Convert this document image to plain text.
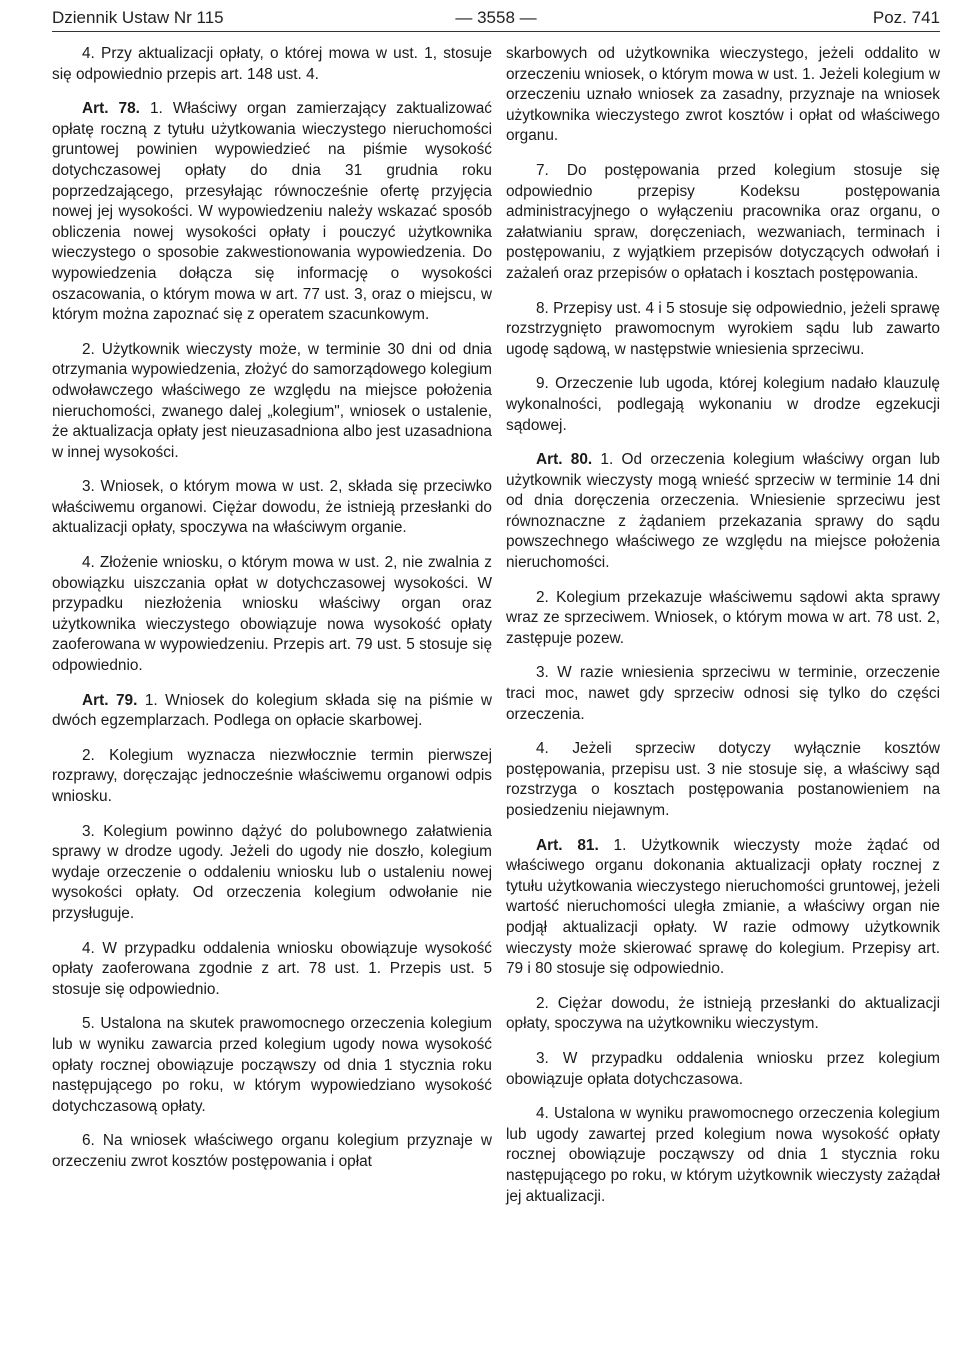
Dziennik Ustaw Nr 115	— 3558 —	Poz. 741

4. Przy aktualizacji opłaty, o której mowa w ust. 1, stosuje się odpowiednio przepis art. 148 ust. 4.

Art. 78. 1. Właściwy organ zamierzający zaktualizować opłatę roczną z tytułu użytkowania wieczystego nieruchomości gruntowej powinien wypowiedzieć na piśmie wysokość dotychczasowej opłaty do dnia 31 grudnia roku poprzedzającego, przesyłając równocześnie ofertę przyjęcia nowej jej wysokości. W wypowiedzeniu należy wskazać sposób obliczenia nowej wysokości opłaty i pouczyć użytkownika wieczystego o sposobie zakwestionowania wypowiedzenia. Do wypowiedzenia dołącza się informację o wysokości oszacowania, o którym mowa w art. 77 ust. 3, oraz o miejscu, w którym można zapoznać się z operatem szacunkowym.

2. Użytkownik wieczysty może, w terminie 30 dni od dnia otrzymania wypowiedzenia, złożyć do samorządowego kolegium odwoławczego właściwego ze względu na miejsce położenia nieruchomości, zwanego dalej „kolegium", wniosek o ustalenie, że aktualizacja opłaty jest nieuzasadniona albo jest uzasadniona w innej wysokości.

3. Wniosek, o którym mowa w ust. 2, składa się przeciwko właściwemu organowi. Ciężar dowodu, że istnieją przesłanki do aktualizacji opłaty, spoczywa na właściwym organie.

4. Złożenie wniosku, o którym mowa w ust. 2, nie zwalnia z obowiązku uiszczania opłat w dotychczasowej wysokości. W przypadku niezłożenia wniosku właściwy organ oraz użytkownika wieczystego obowiązuje nowa wysokość opłaty zaoferowana w wypowiedzeniu. Przepis art. 79 ust. 5 stosuje się odpowiednio.

Art. 79. 1. Wniosek do kolegium składa się na piśmie w dwóch egzemplarzach. Podlega on opłacie skarbowej.

2. Kolegium wyznacza niezwłocznie termin pierwszej rozprawy, doręczając jednocześnie właściwemu organowi odpis wniosku.

3. Kolegium powinno dążyć do polubownego załatwienia sprawy w drodze ugody. Jeżeli do ugody nie doszło, kolegium wydaje orzeczenie o oddaleniu wniosku lub o ustaleniu nowej wysokości opłaty. Od orzeczenia kolegium odwołanie nie przysługuje.

4. W przypadku oddalenia wniosku obowiązuje wysokość opłaty zaoferowana zgodnie z art. 78 ust. 1. Przepis ust. 5 stosuje się odpowiednio.

5. Ustalona na skutek prawomocnego orzeczenia kolegium lub w wyniku zawarcia przed kolegium ugody nowa wysokość opłaty rocznej obowiązuje począwszy od dnia 1 stycznia roku następującego po roku, w którym wypowiedziano wysokość dotychczasową opłaty.

6. Na wniosek właściwego organu kolegium przyznaje w orzeczeniu zwrot kosztów postępowania i opłat

skarbowych od użytkownika wieczystego, jeżeli oddalito w orzeczeniu wniosek, o którym mowa w ust. 1. Jeżeli kolegium w orzeczeniu uznało wniosek za zasadny, przyznaje na wniosek użytkownika wieczystego zwrot kosztów i opłat od właściwego organu.

7. Do postępowania przed kolegium stosuje się odpowiednio przepisy Kodeksu postępowania administracyjnego o wyłączeniu pracownika oraz organu, o załatwianiu spraw, doręczeniach, wezwaniach, terminach i postępowaniu, z wyjątkiem przepisów dotyczących odwołań i zażaleń oraz przepisów o opłatach i kosztach postępowania.

8. Przepisy ust. 4 i 5 stosuje się odpowiednio, jeżeli sprawę rozstrzygnięto prawomocnym wyrokiem sądu lub zawarto ugodę sądową, w następstwie wniesienia sprzeciwu.

9. Orzeczenie lub ugoda, której kolegium nadało klauzulę wykonalności, podlegają wykonaniu w drodze egzekucji sądowej.

Art. 80. 1. Od orzeczenia kolegium właściwy organ lub użytkownik wieczysty mogą wnieść sprzeciw w terminie 14 dni od dnia doręczenia orzeczenia. Wniesienie sprzeciwu jest równoznaczne z żądaniem przekazania sprawy do sądu powszechnego właściwego ze względu na miejsce położenia nieruchomości.

2. Kolegium przekazuje właściwemu sądowi akta sprawy wraz ze sprzeciwem. Wniosek, o którym mowa w art. 78 ust. 2, zastępuje pozew.

3. W razie wniesienia sprzeciwu w terminie, orzeczenie traci moc, nawet gdy sprzeciw odnosi się tylko do części orzeczenia.

4. Jeżeli sprzeciw dotyczy wyłącznie kosztów postępowania, przepisu ust. 3 nie stosuje się, a właściwy sąd rozstrzyga o kosztach postępowania postanowieniem na posiedzeniu niejawnym.

Art. 81. 1. Użytkownik wieczysty może żądać od właściwego organu dokonania aktualizacji opłaty rocznej z tytułu użytkowania wieczystego nieruchomości gruntowej, jeżeli wartość nieruchomości uległa zmianie, a właściwy organ nie podjął aktualizacji opłaty. W razie odmowy użytkownik wieczysty może skierować sprawę do kolegium. Przepisy art. 79 i 80 stosuje się odpowiednio.

2. Ciężar dowodu, że istnieją przesłanki do aktualizacji opłaty, spoczywa na użytkowniku wieczystym.

3. W przypadku oddalenia wniosku przez kolegium obowiązuje opłata dotychczasowa.

4. Ustalona w wyniku prawomocnego orzeczenia kolegium lub ugody zawartej przed kolegium nowa wysokość opłaty rocznej obowiązuje począwszy od dnia 1 stycznia roku następującego po roku, w którym użytkownik wieczysty zażądał jej aktualizacji.
